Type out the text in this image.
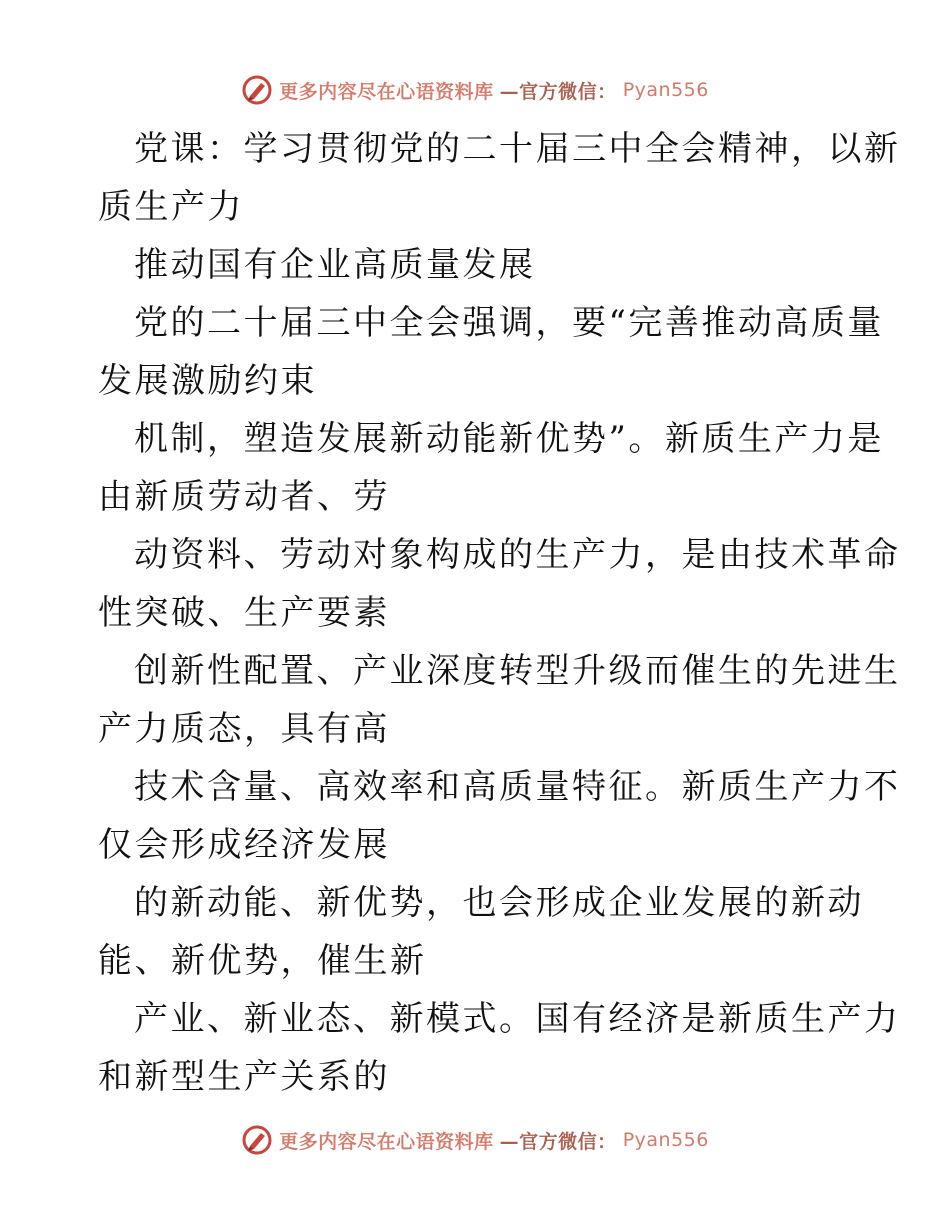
更多内容尽在心语资料库 —官方微信： Pyan556
党课：学习贯彻党的二十届三中全会精神，以新
质生产力
推动国有企业高质量发展
党的二十届三中全会强调，要“完善推动高质量
发展激励约束
机制，塑造发展新动能新优势”。新质生产力是
由新质劳动者、劳
动资料、劳动对象构成的生产力，是由技术革命
性突破、生产要素
创新性配置、产业深度转型升级而催生的先进生
产力质态，具有高
技术含量、高效率和高质量特征。新质生产力不
仅会形成经济发展
的新动能、新优势，也会形成企业发展的新动
能、新优势，催生新
产业、新业态、新模式。国有经济是新质生产力
和新型生产关系的
更多内容尽在心语资料库 —官方微信： Pyan556
